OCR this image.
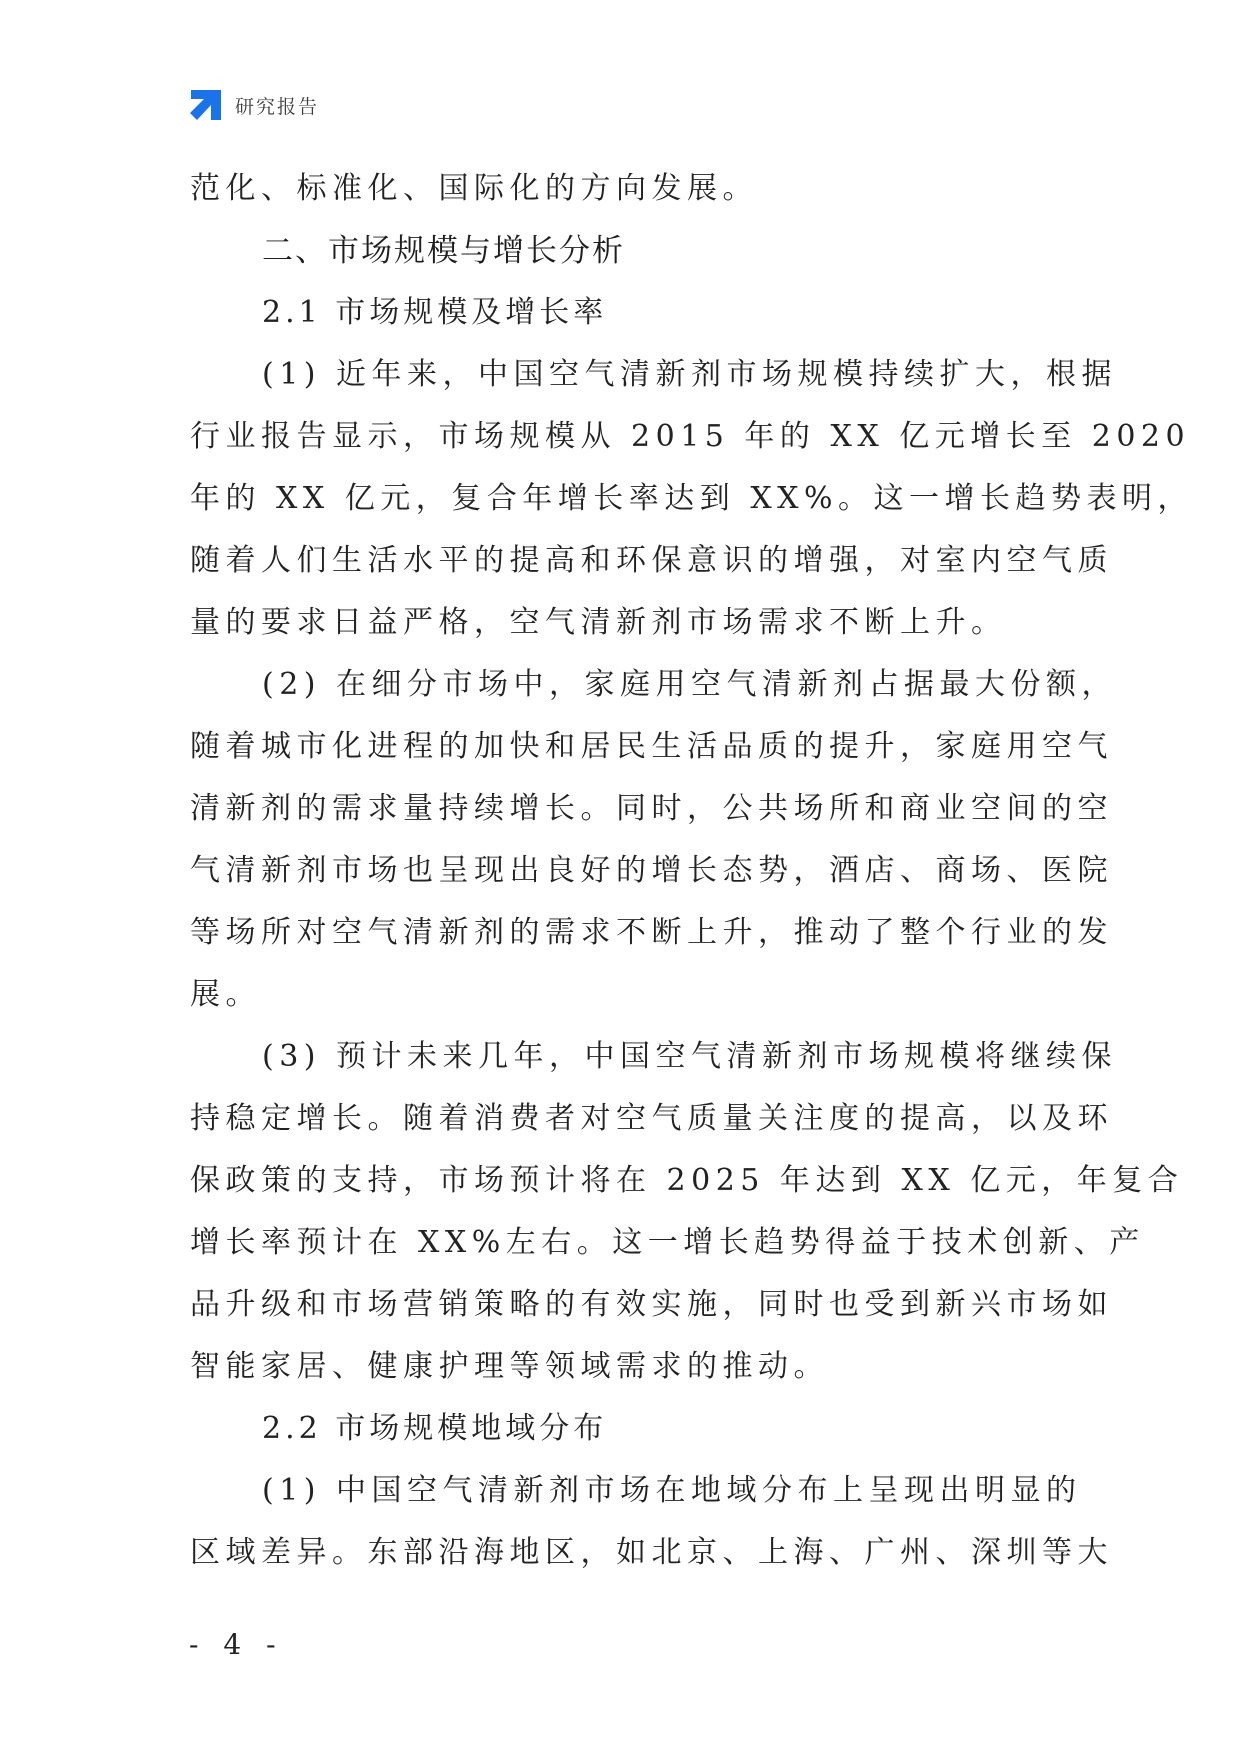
研究报告
范化、标准化、国际化的方向发展。
二、市场规模与增长分析
2.1 市场规模及增长率
(1) 近年来，中国空气清新剂市场规模持续扩大，根据
行业报告显示，市场规模从 2015 年的 XX 亿元增长至 2020
年的 XX 亿元，复合年增长率达到 XX%。这一增长趋势表明，
随着人们生活水平的提高和环保意识的增强，对室内空气质
量的要求日益严格，空气清新剂市场需求不断上升。
(2) 在细分市场中，家庭用空气清新剂占据最大份额，
随着城市化进程的加快和居民生活品质的提升，家庭用空气
清新剂的需求量持续增长。同时，公共场所和商业空间的空
气清新剂市场也呈现出良好的增长态势，酒店、商场、医院
等场所对空气清新剂的需求不断上升，推动了整个行业的发
展。
(3) 预计未来几年，中国空气清新剂市场规模将继续保
持稳定增长。随着消费者对空气质量关注度的提高，以及环
保政策的支持，市场预计将在 2025 年达到 XX 亿元，年复合
增长率预计在 XX%左右。这一增长趋势得益于技术创新、产
品升级和市场营销策略的有效实施，同时也受到新兴市场如
智能家居、健康护理等领域需求的推动。
2.2 市场规模地域分布
(1) 中国空气清新剂市场在地域分布上呈现出明显的
区域差异。东部沿海地区，如北京、上海、广州、深圳等大
- 4 -
